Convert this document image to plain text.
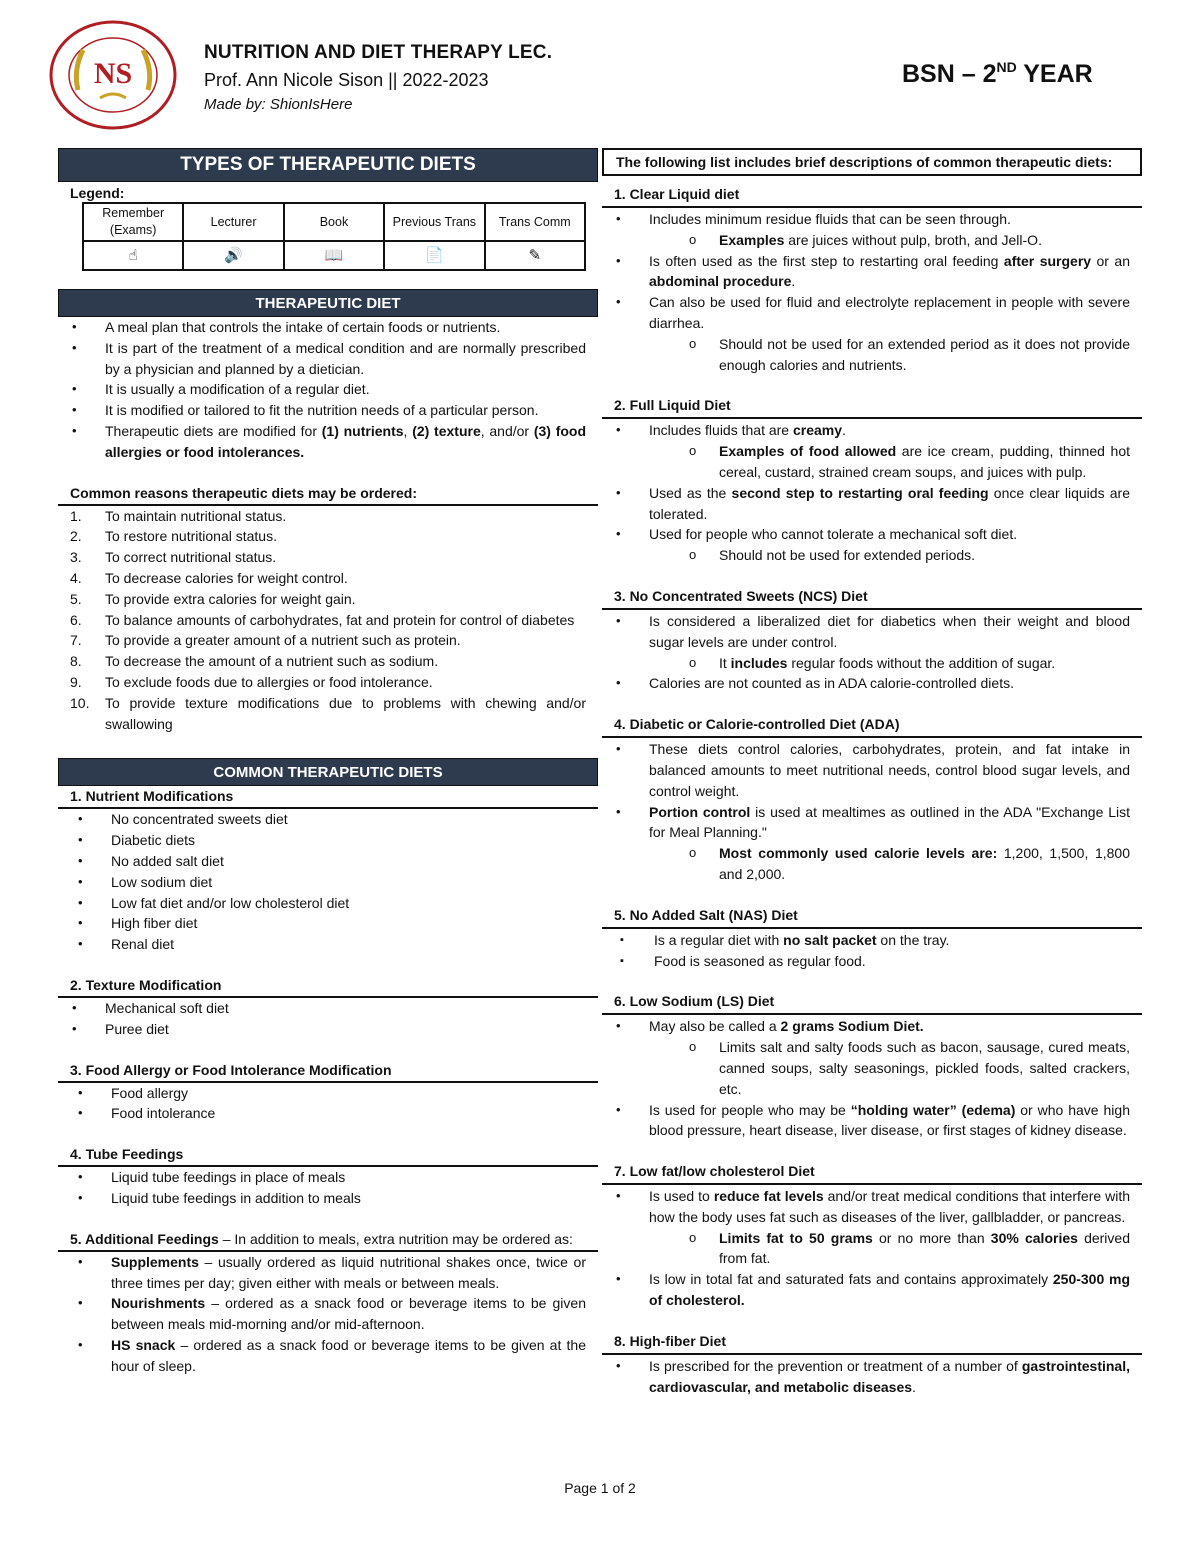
NS
NUTRITION AND DIET THERAPY LEC.
Prof. Ann Nicole Sison || 2022-2023
Made by: ShionIsHere
BSN – 2ND YEAR
TYPES OF THERAPEUTIC DIETS
Legend:
Remember (Exams)	Lecturer	Book	Previous Trans	Trans Comm
☝	🔊	📖	📄	✎
THERAPEUTIC DIET
• A meal plan that controls the intake of certain foods or nutrients.
• It is part of the treatment of a medical condition and are normally prescribed by a physician and planned by a dietician.
• It is usually a modification of a regular diet.
• It is modified or tailored to fit the nutrition needs of a particular person.
• Therapeutic diets are modified for (1) nutrients, (2) texture, and/or (3) food allergies or food intolerances.
Common reasons therapeutic diets may be ordered:
1. To maintain nutritional status.
2. To restore nutritional status.
3. To correct nutritional status.
4. To decrease calories for weight control.
5. To provide extra calories for weight gain.
6. To balance amounts of carbohydrates, fat and protein for control of diabetes
7. To provide a greater amount of a nutrient such as protein.
8. To decrease the amount of a nutrient such as sodium.
9. To exclude foods due to allergies or food intolerance.
10. To provide texture modifications due to problems with chewing and/or swallowing
COMMON THERAPEUTIC DIETS
1. Nutrient Modifications
• No concentrated sweets diet
• Diabetic diets
• No added salt diet
• Low sodium diet
• Low fat diet and/or low cholesterol diet
• High fiber diet
• Renal diet
2. Texture Modification
• Mechanical soft diet
• Puree diet
3. Food Allergy or Food Intolerance Modification
• Food allergy
• Food intolerance
4. Tube Feedings
• Liquid tube feedings in place of meals
• Liquid tube feedings in addition to meals
5. Additional Feedings – In addition to meals, extra nutrition may be ordered as:
• Supplements – usually ordered as liquid nutritional shakes once, twice or three times per day; given either with meals or between meals.
• Nourishments – ordered as a snack food or beverage items to be given between meals mid-morning and/or mid-afternoon.
• HS snack – ordered as a snack food or beverage items to be given at the hour of sleep.
The following list includes brief descriptions of common therapeutic diets:
1. Clear Liquid diet
• Includes minimum residue fluids that can be seen through.
o Examples are juices without pulp, broth, and Jell-O.
• Is often used as the first step to restarting oral feeding after surgery or an abdominal procedure.
• Can also be used for fluid and electrolyte replacement in people with severe diarrhea.
o Should not be used for an extended period as it does not provide enough calories and nutrients.
2. Full Liquid Diet
• Includes fluids that are creamy.
o Examples of food allowed are ice cream, pudding, thinned hot cereal, custard, strained cream soups, and juices with pulp.
• Used as the second step to restarting oral feeding once clear liquids are tolerated.
• Used for people who cannot tolerate a mechanical soft diet.
o Should not be used for extended periods.
3. No Concentrated Sweets (NCS) Diet
• Is considered a liberalized diet for diabetics when their weight and blood sugar levels are under control.
o It includes regular foods without the addition of sugar.
• Calories are not counted as in ADA calorie-controlled diets.
4. Diabetic or Calorie-controlled Diet (ADA)
• These diets control calories, carbohydrates, protein, and fat intake in balanced amounts to meet nutritional needs, control blood sugar levels, and control weight.
• Portion control is used at mealtimes as outlined in the ADA "Exchange List for Meal Planning."
o Most commonly used calorie levels are: 1,200, 1,500, 1,800 and 2,000.
5. No Added Salt (NAS) Diet
▪ Is a regular diet with no salt packet on the tray.
▪ Food is seasoned as regular food.
6. Low Sodium (LS) Diet
• May also be called a 2 grams Sodium Diet.
o Limits salt and salty foods such as bacon, sausage, cured meats, canned soups, salty seasonings, pickled foods, salted crackers, etc.
• Is used for people who may be “holding water” (edema) or who have high blood pressure, heart disease, liver disease, or first stages of kidney disease.
7. Low fat/low cholesterol Diet
• Is used to reduce fat levels and/or treat medical conditions that interfere with how the body uses fat such as diseases of the liver, gallbladder, or pancreas.
o Limits fat to 50 grams or no more than 30% calories derived from fat.
• Is low in total fat and saturated fats and contains approximately 250-300 mg of cholesterol.
8. High-fiber Diet
• Is prescribed for the prevention or treatment of a number of gastrointestinal, cardiovascular, and metabolic diseases.
Page 1 of 2
